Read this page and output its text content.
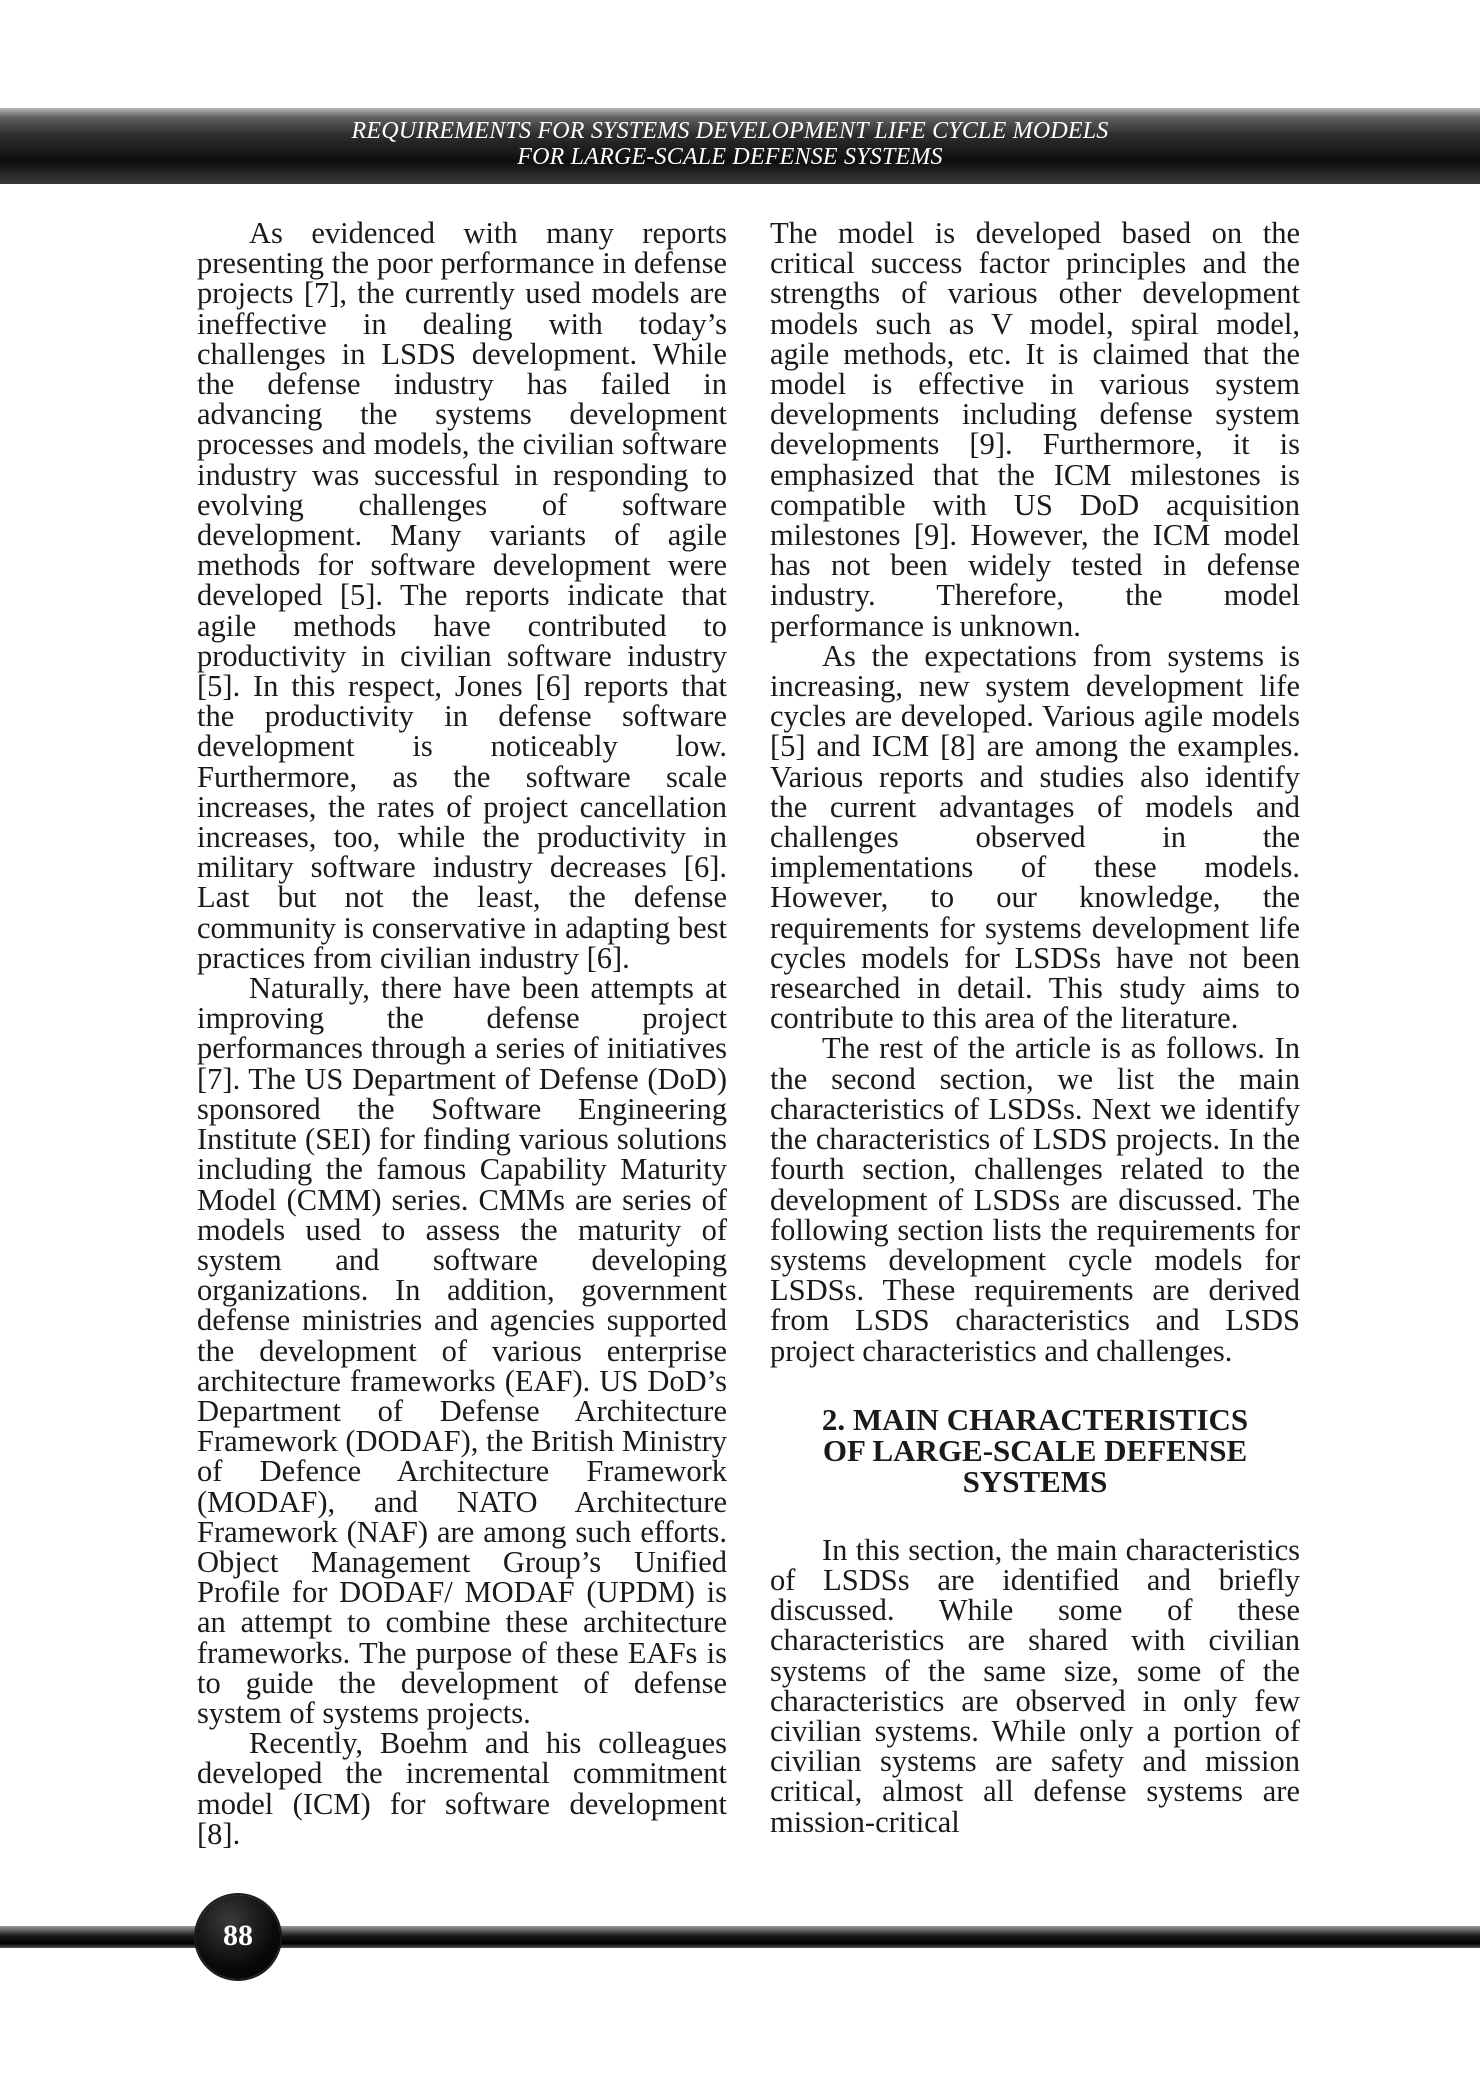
REQUIREMENTS FOR SYSTEMS DEVELOPMENT LIFE CYCLE MODELS
FOR LARGE-SCALE DEFENSE SYSTEMS

As evidenced with many reports presenting the poor performance in defense projects [7], the currently used models are ineffective in dealing with today’s challenges in LSDS development. While the defense industry has failed in advancing the systems development processes and models, the civilian software industry was successful in responding to evolving challenges of software development. Many variants of agile methods for software development were developed [5]. The reports indicate that agile methods have contributed to productivity in civilian software industry [5]. In this respect, Jones [6] reports that the productivity in defense software development is noticeably low. Furthermore, as the software scale increases, the rates of project cancellation increases, too, while the productivity in military software industry decreases [6]. Last but not the least, the defense community is conservative in adapting best practices from civilian industry [6].

Naturally, there have been attempts at improving the defense project performances through a series of initiatives [7]. The US Department of Defense (DoD) sponsored the Software Engineering Institute (SEI) for finding various solutions including the famous Capability Maturity Model (CMM) series. CMMs are series of models used to assess the maturity of system and software developing organizations. In addition, government defense ministries and agencies supported the development of various enterprise architecture frameworks (EAF). US DoD’s Department of Defense Architecture Framework (DODAF), the British Ministry of Defence Architecture Framework (MODAF), and NATO Architecture Framework (NAF) are among such efforts. Object Management Group’s Unified Profile for DODAF/ MODAF (UPDM) is an attempt to combine these architecture frameworks. The purpose of these EAFs is to guide the development of defense system of systems projects.

Recently, Boehm and his colleagues developed the incremental commitment model (ICM) for software development [8].

The model is developed based on the critical success factor principles and the strengths of various other development models such as V model, spiral model, agile methods, etc. It is claimed that the model is effective in various system developments including defense system developments [9]. Furthermore, it is emphasized that the ICM milestones is compatible with US DoD acquisition milestones [9]. However, the ICM model has not been widely tested in defense industry. Therefore, the model performance is unknown.

As the expectations from systems is increasing, new system development life cycles are developed. Various agile models [5] and ICM [8] are among the examples. Various reports and studies also identify the current advantages of models and challenges observed in the implementations of these models. However, to our knowledge, the requirements for systems development life cycles models for LSDSs have not been researched in detail. This study aims to contribute to this area of the literature.

The rest of the article is as follows. In the second section, we list the main characteristics of LSDSs. Next we identify the characteristics of LSDS projects. In the fourth section, challenges related to the development of LSDSs are discussed. The following section lists the requirements for systems development cycle models for LSDSs. These requirements are derived from LSDS characteristics and LSDS project characteristics and challenges.

2. MAIN CHARACTERISTICS
OF LARGE-SCALE DEFENSE
SYSTEMS

In this section, the main characteristics of LSDSs are identified and briefly discussed. While some of these characteristics are shared with civilian systems of the same size, some of the characteristics are observed in only few civilian systems. While only a portion of civilian systems are safety and mission critical, almost all defense systems are mission-critical

88
